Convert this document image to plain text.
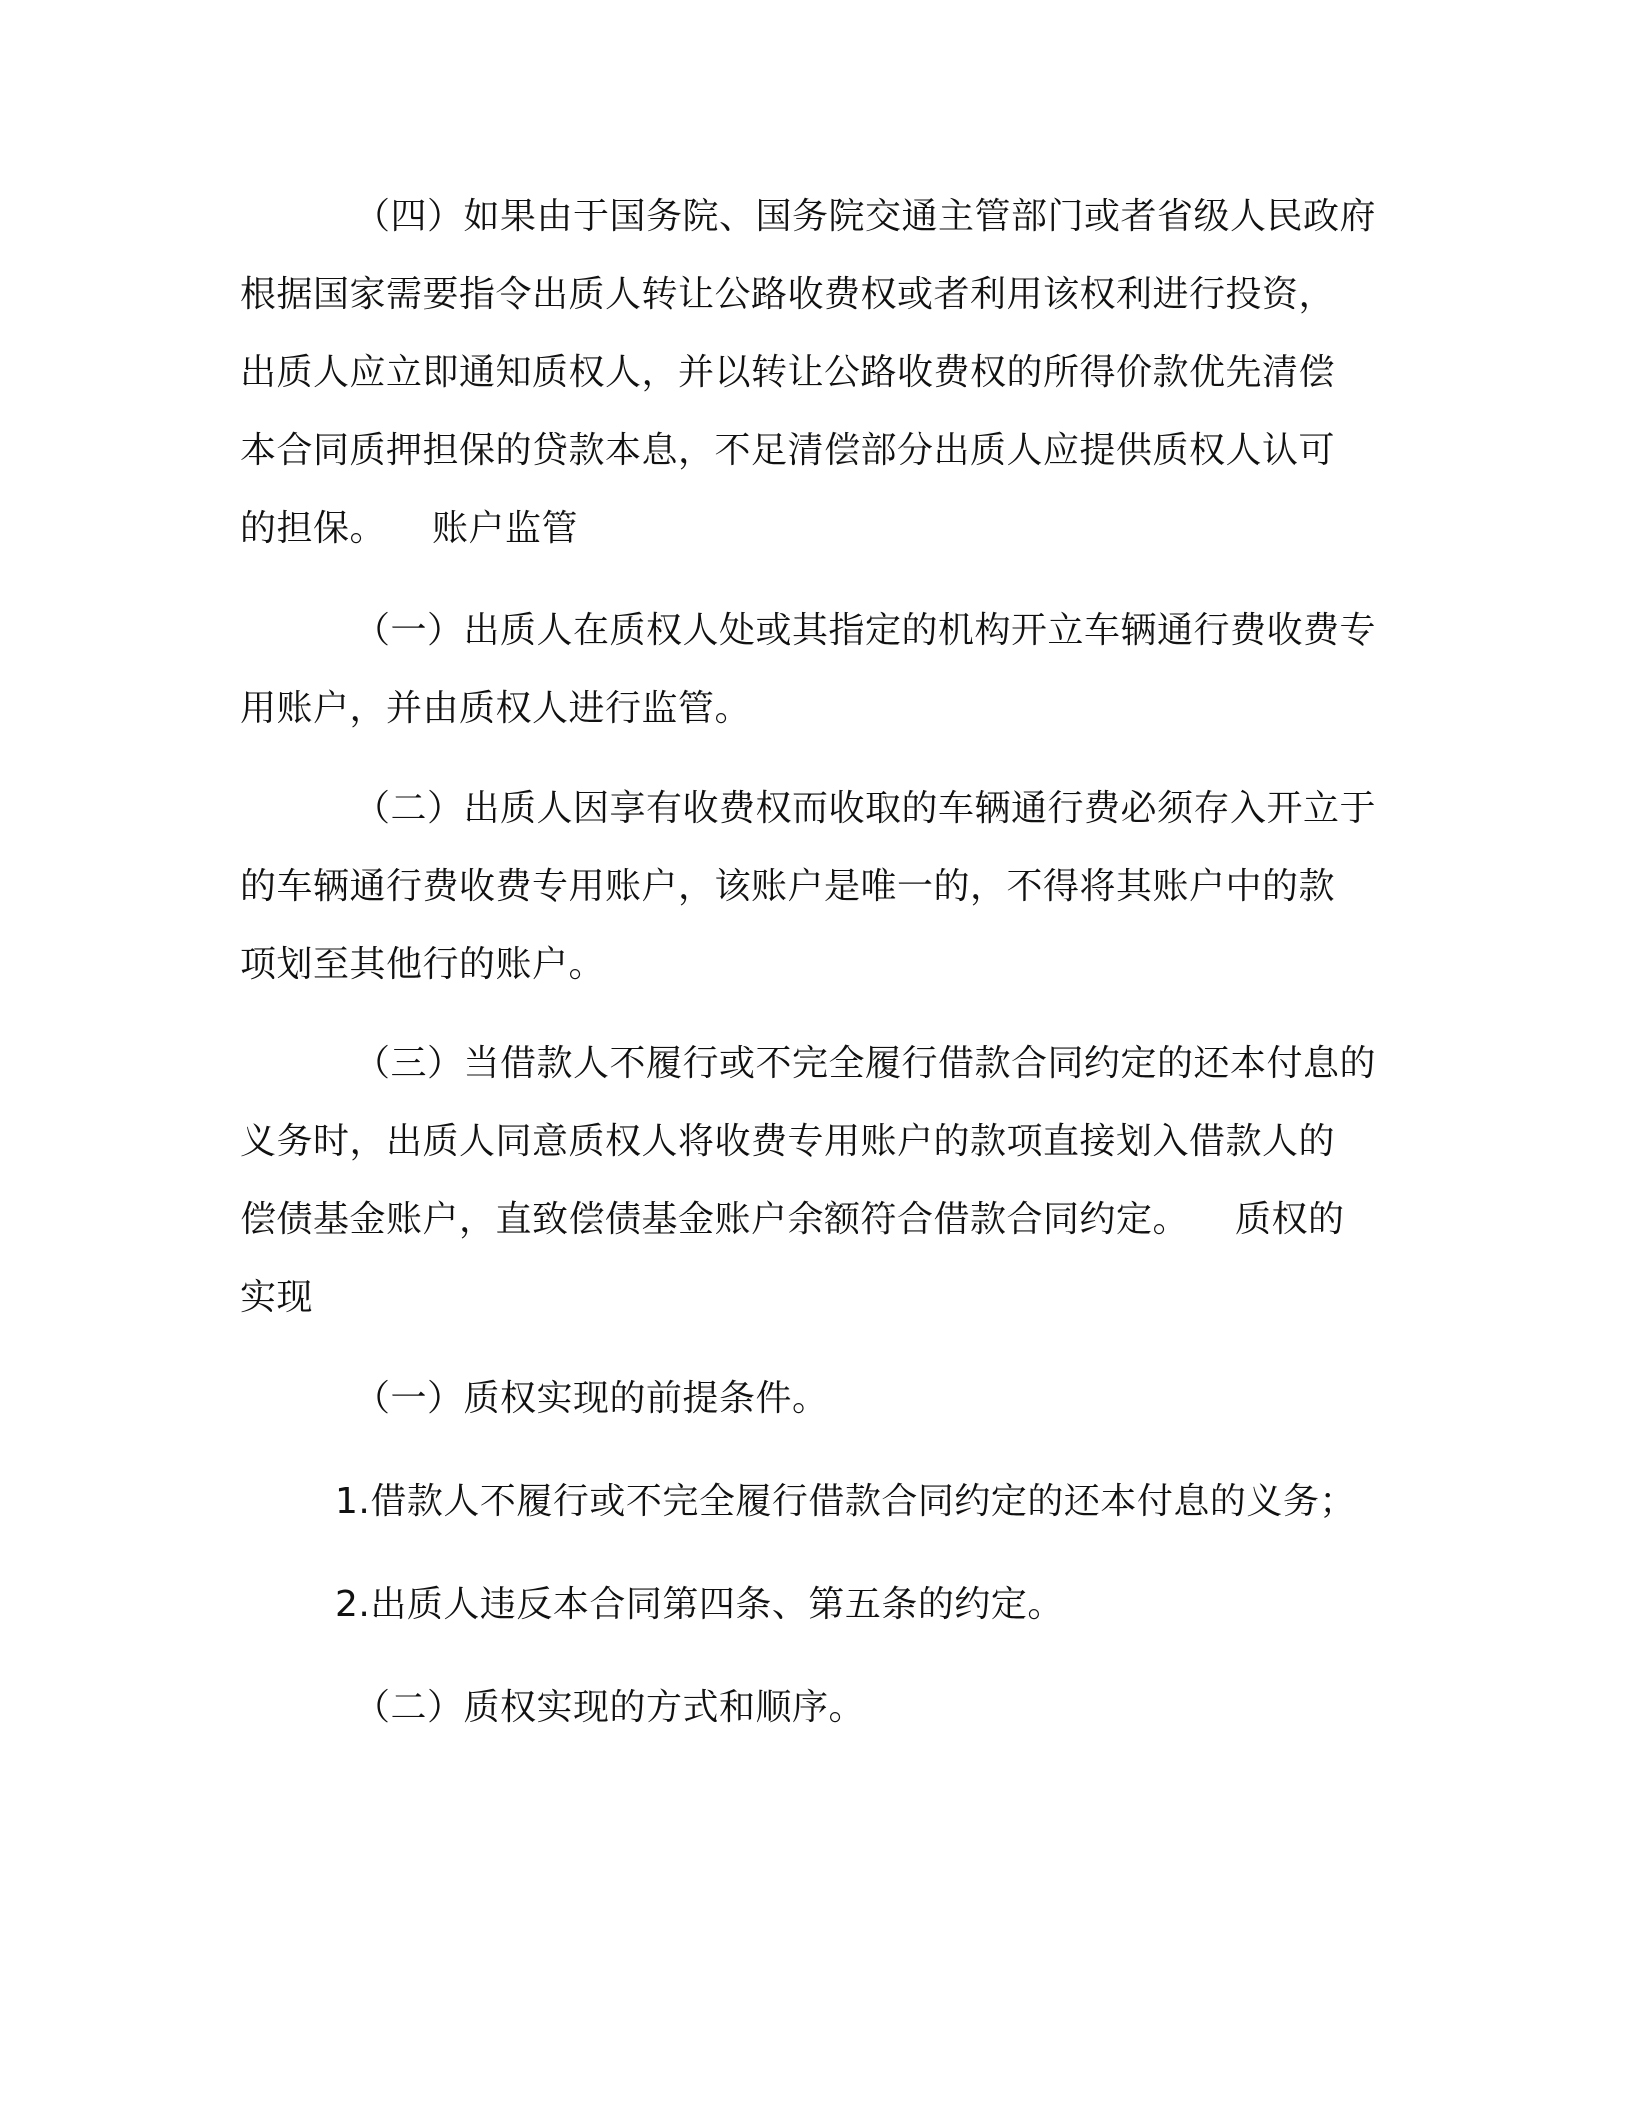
（四）如果由于国务院、国务院交通主管部门或者省级人民政府
根据国家需要指令出质人转让公路收费权或者利用该权利进行投资，
出质人应立即通知质权人，并以转让公路收费权的所得价款优先清偿
本合同质押担保的贷款本息，不足清偿部分出质人应提供质权人认可
的担保。 账户监管
（一）出质人在质权人处或其指定的机构开立车辆通行费收费专
用账户，并由质权人进行监管。
（二）出质人因享有收费权而收取的车辆通行费必须存入开立于
的车辆通行费收费专用账户，该账户是唯一的，不得将其账户中的款
项划至其他行的账户。
（三）当借款人不履行或不完全履行借款合同约定的还本付息的
义务时，出质人同意质权人将收费专用账户的款项直接划入借款人的
偿债基金账户，直致偿债基金账户余额符合借款合同约定。 质权的
实现
（一）质权实现的前提条件。
1.借款人不履行或不完全履行借款合同约定的还本付息的义务；
2.出质人违反本合同第四条、第五条的约定。
（二）质权实现的方式和顺序。
